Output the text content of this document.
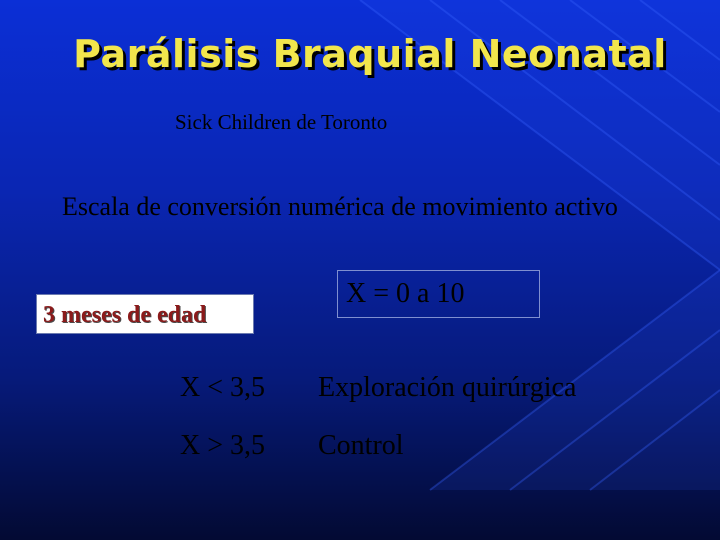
Parálisis Braquial Neonatal
Sick Children de Toronto
Escala de conversión numérica de movimiento activo
X = 0 a 10
3 meses de edad
X < 3,5 Exploración quirúrgica
X > 3,5 Control
